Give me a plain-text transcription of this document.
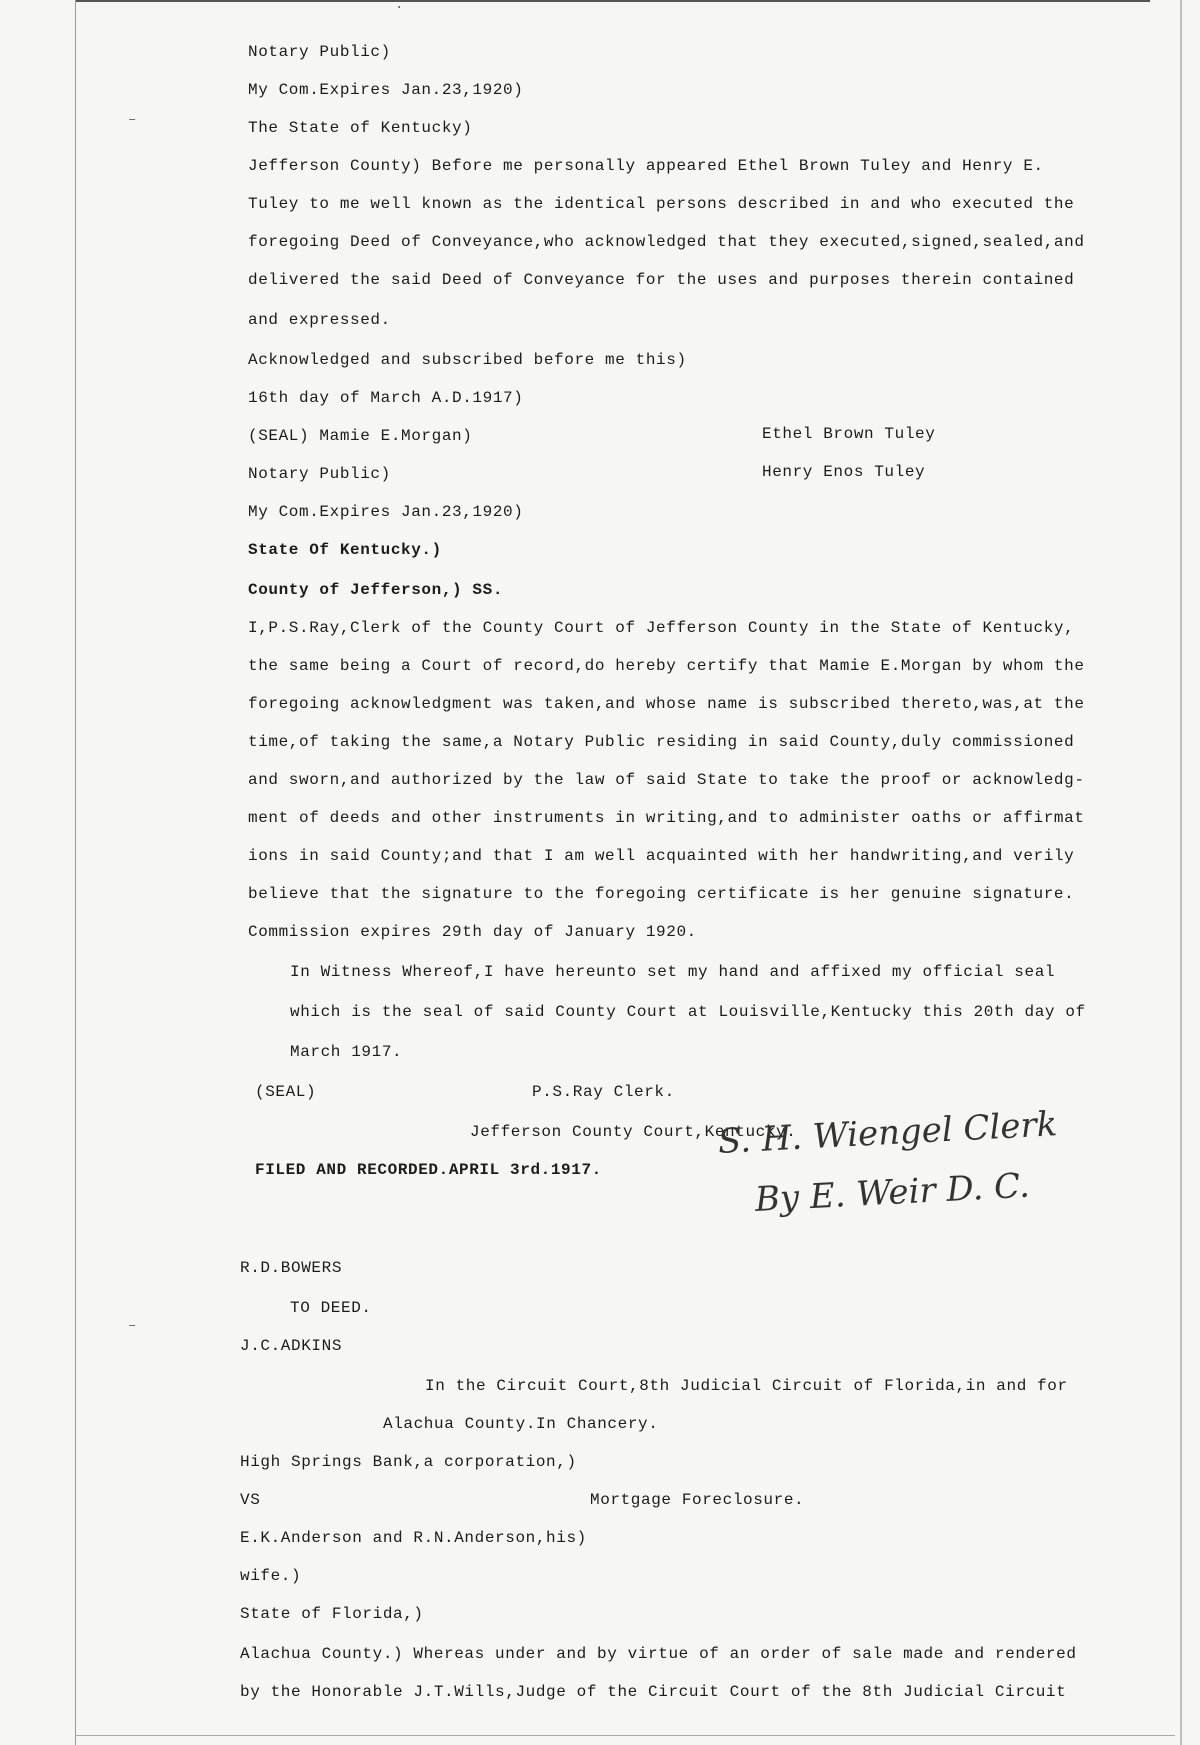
Notary Public)
My Com.Expires Jan.23,1920)
The State of Kentucky)
Jefferson County) Before me personally appeared Ethel Brown Tuley and Henry E.
Tuley to me well known as the identical persons described in and who executed the
foregoing Deed of Conveyance,who acknowledged that they executed,signed,sealed,and
delivered the said Deed of Conveyance for the uses and purposes therein contained
and expressed.
Acknowledged and subscribed before me this)
16th day of March A.D.1917)
(SEAL) Mamie E.Morgan)	Ethel Brown Tuley
Notary Public)	Henry Enos Tuley
My Com.Expires Jan.23,1920)
State Of Kentucky.)
County of Jefferson,) SS.
I,P.S.Ray,Clerk of the County Court of Jefferson County in the State of Kentucky,
the same being a Court of record,do hereby certify that Mamie E.Morgan by whom the
foregoing acknowledgment was taken,and whose name is subscribed thereto,was,at the
time,of taking the same,a Notary Public residing in said County,duly commissioned
and sworn,and authorized by the law of said State to take the proof or acknowledg-
ment of deeds and other instruments in writing,and to administer oaths or affirmat
ions in said County;and that I am well acquainted with her handwriting,and verily
believe that the signature to the foregoing certificate is her genuine signature.
Commission expires 29th day of January 1920.
In Witness Whereof,I have hereunto set my hand and affixed my official seal
which is the seal of said County Court at Louisville,Kentucky this 20th day of
March 1917.
(SEAL)	P.S.Ray Clerk.
Jefferson County Court,Kentucky.
FILED AND RECORDED.APRIL 3rd.1917.
S. H. Wiengel Clerk
By E. Weir D. C.
R.D.BOWERS
TO DEED.
J.C.ADKINS
In the Circuit Court,8th Judicial Circuit of Florida,in and for
Alachua County.In Chancery.
High Springs Bank,a corporation,)
VS	Mortgage Foreclosure.
E.K.Anderson and R.N.Anderson,his)
wife.)
State of Florida,)
Alachua County.) Whereas under and by virtue of an order of sale made and rendered
by the Honorable J.T.Wills,Judge of the Circuit Court of the 8th Judicial Circuit
‒
‒
·
